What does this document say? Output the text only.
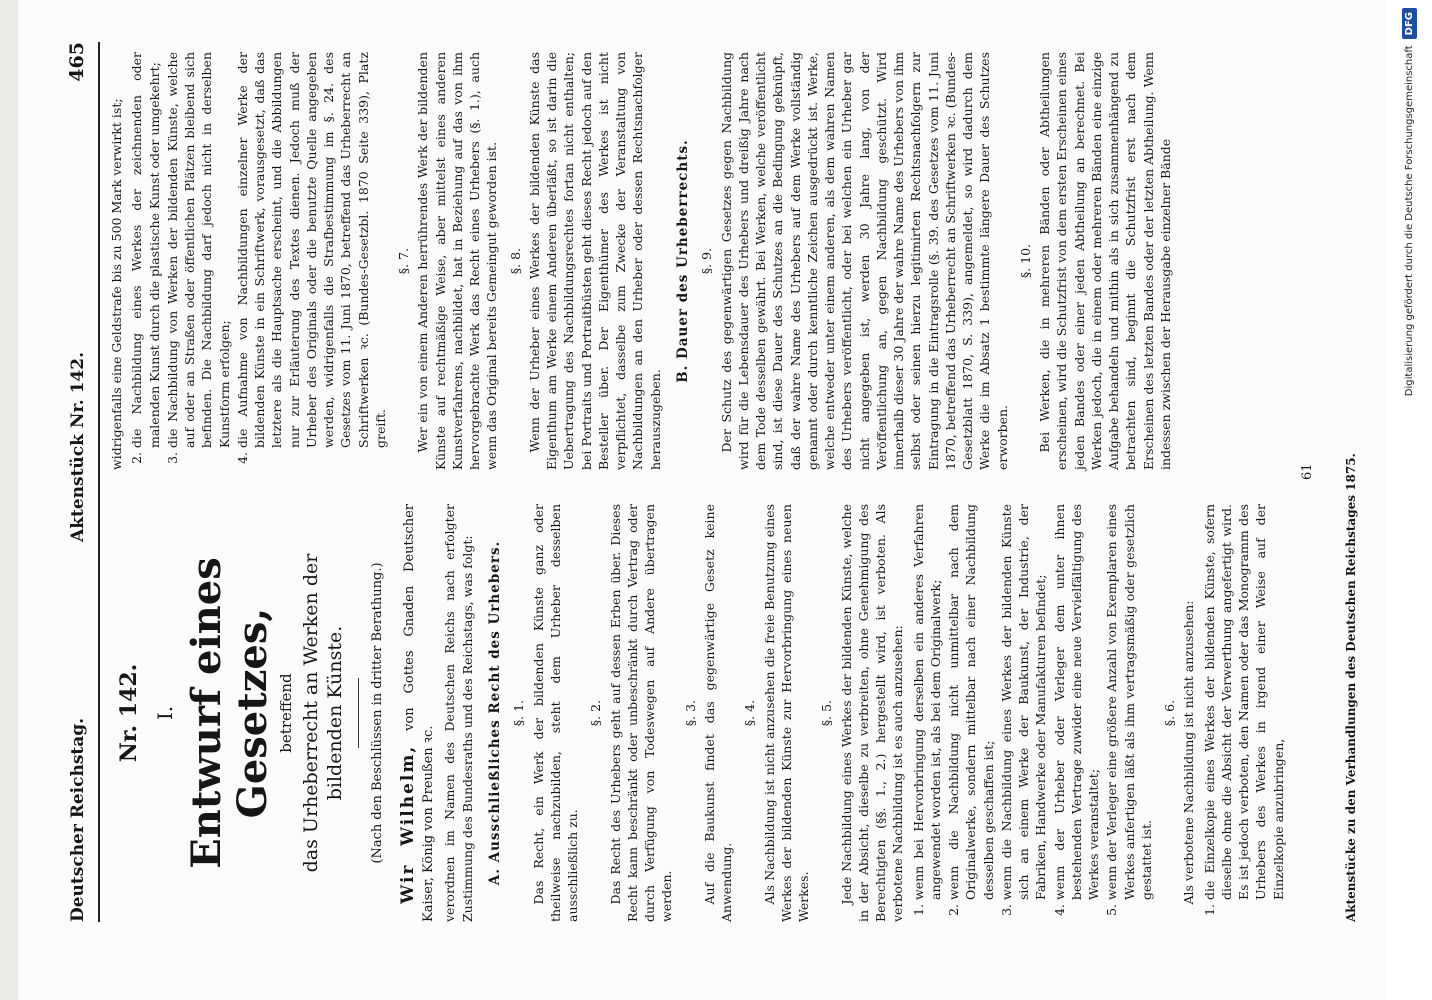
Deutscher Reichstag.
Aktenstück Nr. 142.
465
Nr. 142. I. Entwurf eines Gesetzes, betreffend das Urheberrecht an Werken der bildenden Künste. (Nach den Beschlüssen in dritter Berathung.) Wir Wilhelm, von Gottes Gnaden Deutscher Kaiser, König von Preußen ꝛc. verordnen im Namen des Deutschen Reichs nach erfolgter Zustimmung des Bundesraths und des Reichstags, was folgt: A. Ausschließliches Recht des Urhebers. §. 1. Das Recht, ein Werk der bildenden Künste ganz oder theilweise nachzubilden, steht dem Urheber desselben ausschließlich zu.

§. 2. Das Recht des Urhebers geht auf dessen Erben über. Dieses Recht kann beschränkt oder unbeschränkt durch Vertrag oder durch Verfügung von Todeswegen auf Andere übertragen werden.

§. 3. Auf die Baukunst findet das gegenwärtige Gesetz keine Anwendung.

§. 4. Als Nachbildung ist nicht anzusehen die freie Benutzung eines Werkes der bildenden Künste zur Hervorbringung eines neuen Werkes.

§. 5. Jede Nachbildung eines Werkes der bildenden Künste, welche in der Absicht, dieselbe zu verbreiten, ohne Genehmigung des Berechtigten (§§. 1., 2.) hergestellt wird, ist verboten. Als verbotene Nachbildung ist es auch anzusehen: 1. wenn bei Hervorbringung derselben ein anderes Verfahren angewendet worden ist, als bei dem Originalwerk; 2. wenn die Nachbildung nicht unmittelbar nach dem Originalwerke, sondern mittelbar nach einer Nachbildung desselben geschaffen ist; 3. wenn die Nachbildung eines Werkes der bildenden Künste sich an einem Werke der Baukunst, der Industrie, der Fabriken, Handwerke oder Manufakturen befindet; 4. wenn der Urheber oder Verleger dem unter ihnen bestehenden Vertrage zuwider eine neue Vervielfältigung des Werkes veranstaltet; 5. wenn der Verleger eine größere Anzahl von Exemplaren eines Werkes anfertigen läßt als ihm vertragsmäßig oder gesetzlich gestattet ist.
§. 6. Als verbotene Nachbildung ist nicht anzusehen: 1. die Einzelkopie eines Werkes der bildenden Künste, sofern dieselbe ohne die Absicht der Verwerthung angefertigt wird. Es ist jedoch verboten, den Namen oder das Monogramm des Urhebers des Werkes in irgend einer Weise auf der Einzelkopie anzubringen,

widrigenfalls eine Geldstrafe bis zu 500 Mark verwirkt ist; 2. die Nachbildung eines Werkes der zeichnenden oder malenden Kunst durch die plastische Kunst oder umgekehrt; 3. die Nachbildung von Werken der bildenden Künste, welche auf oder an Straßen oder öffentlichen Plätzen bleibend sich befinden. Die Nachbildung darf jedoch nicht in derselben Kunstform erfolgen; 4. die Aufnahme von Nachbildungen einzelner Werke der bildenden Künste in ein Schriftwerk, vorausgesetzt, daß das letztere als die Hauptsache erscheint, und die Abbildungen nur zur Erläuterung des Textes dienen. Jedoch muß der Urheber des Originals oder die benutzte Quelle angegeben werden, widrigenfalls die Strafbestimmung im §. 24. des Gesetzes vom 11. Juni 1870, betreffend das Urheberrecht an Schriftwerken ꝛc. (Bundes-Gesetzbl. 1870 Seite 339), Platz greift.
§. 7. Wer ein von einem Anderen herrührendes Werk der bildenden Künste auf rechtmäßige Weise, aber mittelst eines anderen Kunstverfahrens, nachbildet, hat in Beziehung auf das von ihm hervorgebrachte Werk das Recht eines Urhebers (§. 1.), auch wenn das Original bereits Gemeingut geworden ist. §. 8. Wenn der Urheber eines Werkes der bildenden Künste das Eigenthum am Werke einem Anderen überläßt, so ist darin die Uebertragung des Nachbildungsrechtes fortan nicht enthalten; bei Portraits und Portraitbüsten geht dieses Recht jedoch auf den Besteller über. Der Eigenthümer des Werkes ist nicht verpflichtet, dasselbe zum Zwecke der Veranstaltung von Nachbildungen an den Urheber oder dessen Rechtsnachfolger herauszugeben.

B. Dauer des Urheberrechts. §. 9. Der Schutz des gegenwärtigen Gesetzes gegen Nachbildung wird für die Lebensdauer des Urhebers und dreißig Jahre nach dem Tode desselben gewährt. Bei Werken, welche veröffentlicht sind, ist diese Dauer des Schutzes an die Bedingung geknüpft, daß der wahre Name des Urhebers auf dem Werke vollständig genannt oder durch kenntliche Zeichen ausgedrückt ist. Werke, welche entweder unter einem anderen, als dem wahren Namen des Urhebers veröffentlicht, oder bei welchen ein Urheber gar nicht angegeben ist, werden 30 Jahre lang, von der Veröffentlichung an, gegen Nachbildung geschützt. Wird innerhalb dieser 30 Jahre der wahre Name des Urhebers von ihm selbst oder seinen hierzu legitimirten Rechtsnachfolgern zur Eintragung in die Eintragsrolle (§. 39. des Gesetzes vom 11. Juni 1870, betreffend das Urheberrecht an Schriftwerken ꝛc. (Bundes-Gesetzblatt 1870, S. 339), angemeldet, so wird dadurch dem Werke die im Absatz 1 bestimmte längere Dauer des Schutzes erworben.

§. 10. Bei Werken, die in mehreren Bänden oder Abtheilungen erscheinen, wird die Schutzfrist von dem ersten Erscheinen eines jeden Bandes oder einer jeden Abtheilung an berechnet. Bei Werken jedoch, die in einem oder mehreren Bänden eine einzige Aufgabe behandeln und mithin als in sich zusammenhängend zu betrachten sind, beginnt die Schutzfrist erst nach dem Erscheinen des letzten Bandes oder der letzten Abtheilung. Wenn indessen zwischen der Herausgabe einzelner Bände

61 Aktenstücke zu den Verhandlungen des Deutschen Reichstages 1875.
Digitalisierung gefördert durch die Deutsche Forschungsgemeinschaft
DFG
